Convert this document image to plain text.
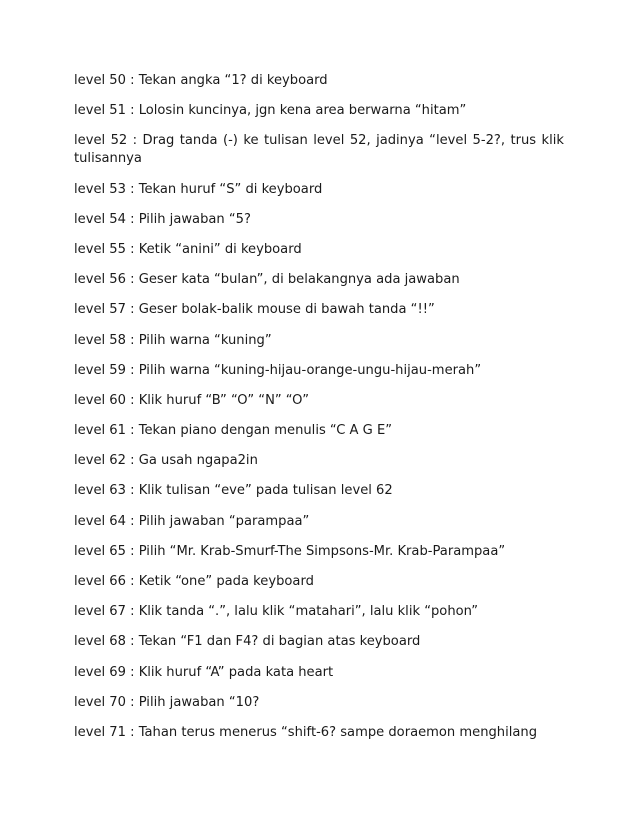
level 50 : Tekan angka “1? di keyboard
level 51 : Lolosin kuncinya, jgn kena area berwarna “hitam”
level 52 : Drag tanda (-) ke tulisan level 52, jadinya “level 5-2?, trus klik tulisannya
level 53 : Tekan huruf “S” di keyboard
level 54 : Pilih jawaban “5?
level 55 : Ketik “anini” di keyboard
level 56 : Geser kata “bulan”, di belakangnya ada jawaban
level 57 : Geser bolak-balik mouse di bawah tanda “!!”
level 58 : Pilih warna “kuning”
level 59 : Pilih warna “kuning-hijau-orange-ungu-hijau-merah”
level 60 : Klik huruf “B” “O” “N” “O”
level 61 : Tekan piano dengan menulis “C A G E”
level 62 : Ga usah ngapa2in
level 63 : Klik tulisan “eve” pada tulisan level 62
level 64 : Pilih jawaban “parampaa”
level 65 : Pilih “Mr. Krab-Smurf-The Simpsons-Mr. Krab-Parampaa”
level 66 : Ketik “one” pada keyboard
level 67 : Klik tanda “.”, lalu klik “matahari”, lalu klik “pohon”
level 68 : Tekan “F1 dan F4? di bagian atas keyboard
level 69 : Klik huruf “A” pada kata heart
level 70 : Pilih jawaban “10?
level 71 : Tahan terus menerus “shift-6? sampe doraemon menghilang
